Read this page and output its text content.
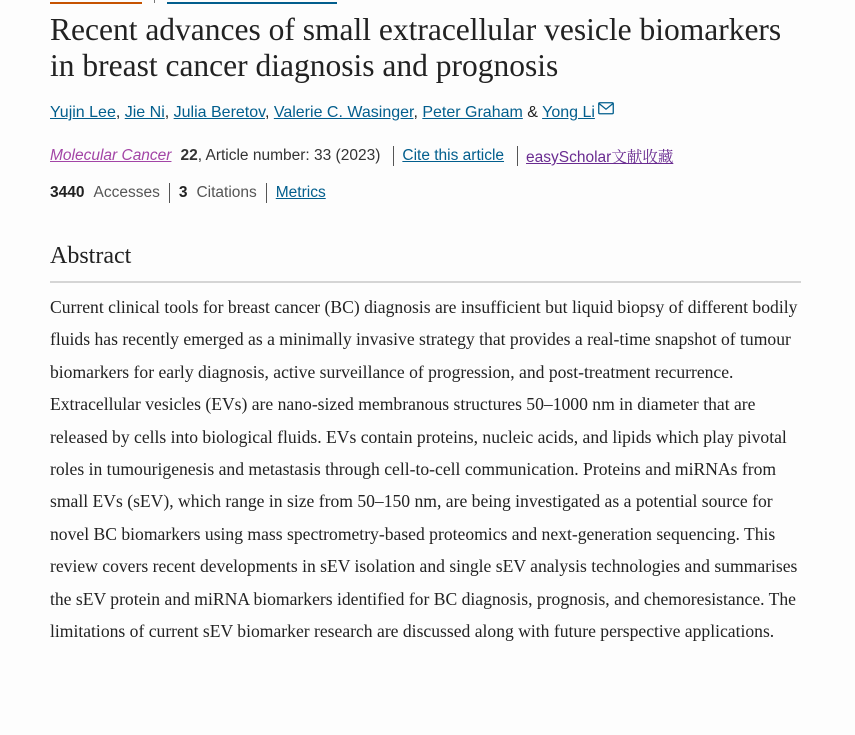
Recent advances of small extracellular vesicle biomarkers in breast cancer diagnosis and prognosis

Yujin Lee, Jie Ni, Julia Beretov, Valerie C. Wasinger, Peter Graham & Yong Li

Molecular Cancer 22 , Article number: 33 (2023) Cite this article easyScholar文献收藏
3440 Accesses 3 Citations Metrics
Abstract

Current clinical tools for breast cancer (BC) diagnosis are insufficient but liquid biopsy of different bodily fluids has recently emerged as a minimally invasive strategy that provides a real-time snapshot of tumour biomarkers for early diagnosis, active surveillance of progression, and post-treatment recurrence. Extracellular vesicles (EVs) are nano-sized membranous structures 50–1000 nm in diameter that are released by cells into biological fluids. EVs contain proteins, nucleic acids, and lipids which play pivotal roles in tumourigenesis and metastasis through cell-to-cell communication. Proteins and miRNAs from small EVs (sEV), which range in size from 50–150 nm, are being investigated as a potential source for novel BC biomarkers using mass spectrometry-based proteomics and next-generation sequencing. This review covers recent developments in sEV isolation and single sEV analysis technologies and summarises the sEV protein and miRNA biomarkers identified for BC diagnosis, prognosis, and chemoresistance. The limitations of current sEV biomarker research are discussed along with future perspective applications.
